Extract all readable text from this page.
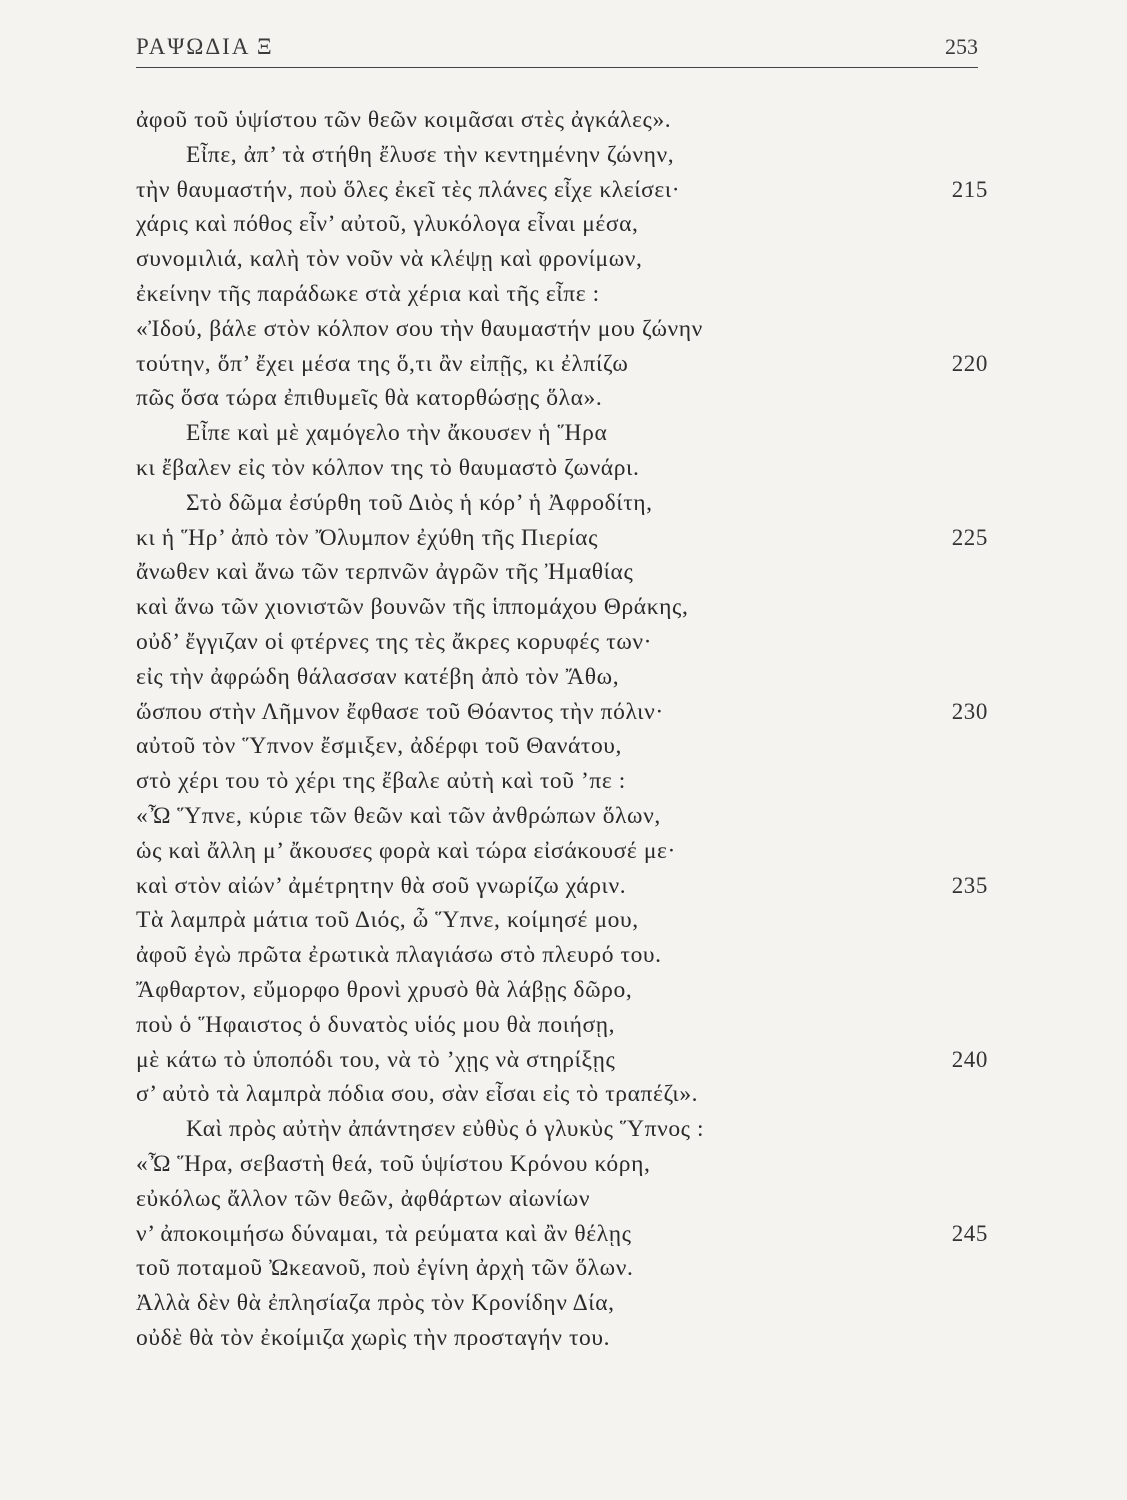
ΡΑΨΩΔΙΑ Ξ	253
ἀφοῦ τοῦ ὑψίστου τῶν θεῶν κοιμᾶσαι στὲς ἀγκάλες».
Εἶπε, ἀπ’ τὰ στήθη ἔλυσε τὴν κεντημένην ζώνην,
τὴν θαυμαστήν, ποὺ ὅλες ἐκεῖ τὲς πλάνες εἶχε κλείσει·	215
χάρις καὶ πόθος εἶν’ αὐτοῦ, γλυκόλογα εἶναι μέσα,
συνομιλιά, καλὴ τὸν νοῦν νὰ κλέψῃ καὶ φρονίμων,
ἐκείνην τῆς παράδωκε στὰ χέρια καὶ τῆς εἶπε :
«Ἰδού, βάλε στὸν κόλπον σου τὴν θαυμαστήν μου ζώνην
τούτην, ὅπ’ ἔχει μέσα της ὅ,τι ἂν εἰπῇς, κι ἐλπίζω	220
πῶς ὅσα τώρα ἐπιθυμεῖς θὰ κατορθώσῃς ὅλα».
Εἶπε καὶ μὲ χαμόγελο τὴν ἄκουσεν ἡ Ἥρα
κι ἔβαλεν εἰς τὸν κόλπον της τὸ θαυμαστὸ ζωνάρι.
Στὸ δῶμα ἐσύρθη τοῦ Διὸς ἡ κόρ’ ἡ Ἀφροδίτη,
κι ἡ Ἥρ’ ἀπὸ τὸν Ὄλυμπον ἐχύθη τῆς Πιερίας	225
ἄνωθεν καὶ ἄνω τῶν τερπνῶν ἀγρῶν τῆς Ἠμαθίας
καὶ ἄνω τῶν χιονιστῶν βουνῶν τῆς ἱππομάχου Θράκης,
οὐδ’ ἔγγιζαν οἱ φτέρνες της τὲς ἄκρες κορυφές των·
εἰς τὴν ἀφρώδη θάλασσαν κατέβη ἀπὸ τὸν Ἄθω,
ὥσπου στὴν Λῆμνον ἔφθασε τοῦ Θόαντος τὴν πόλιν·	230
αὐτοῦ τὸν Ὕπνον ἔσμιξεν, ἀδέρφι τοῦ Θανάτου,
στὸ χέρι του τὸ χέρι της ἔβαλε αὐτὴ καὶ τοῦ ’πε :
«Ὦ Ὕπνε, κύριε τῶν θεῶν καὶ τῶν ἀνθρώπων ὅλων,
ὡς καὶ ἄλλη μ’ ἄκουσες φορὰ καὶ τώρα εἰσάκουσέ με·
καὶ στὸν αἰών’ ἀμέτρητην θὰ σοῦ γνωρίζω χάριν.	235
Τὰ λαμπρὰ μάτια τοῦ Διός, ὦ Ὕπνε, κοίμησέ μου,
ἀφοῦ ἐγὼ πρῶτα ἐρωτικὰ πλαγιάσω στὸ πλευρό του.
Ἄφθαρτον, εὔμορφο θρονὶ χρυσὸ θὰ λάβῃς δῶρο,
ποὺ ὁ Ἥφαιστος ὁ δυνατὸς υἱός μου θὰ ποιήσῃ,
μὲ κάτω τὸ ὑποπόδι του, νὰ τὸ ’χῃς νὰ στηρίξῃς	240
σ’ αὐτὸ τὰ λαμπρὰ πόδια σου, σὰν εἶσαι εἰς τὸ τραπέζι».
Καὶ πρὸς αὐτὴν ἀπάντησεν εὐθὺς ὁ γλυκὺς Ὕπνος :
«Ὦ Ἥρα, σεβαστὴ θεά, τοῦ ὑψίστου Κρόνου κόρη,
εὐκόλως ἄλλον τῶν θεῶν, ἀφθάρτων αἰωνίων
ν’ ἀποκοιμήσω δύναμαι, τὰ ρεύματα καὶ ἂν θέλῃς	245
τοῦ ποταμοῦ Ὠκεανοῦ, ποὺ ἐγίνη ἀρχὴ τῶν ὅλων.
Ἀλλὰ δὲν θὰ ἐπλησίαζα πρὸς τὸν Κρονίδην Δία,
οὐδὲ θὰ τὸν ἐκοίμιζα χωρὶς τὴν προσταγήν του.
